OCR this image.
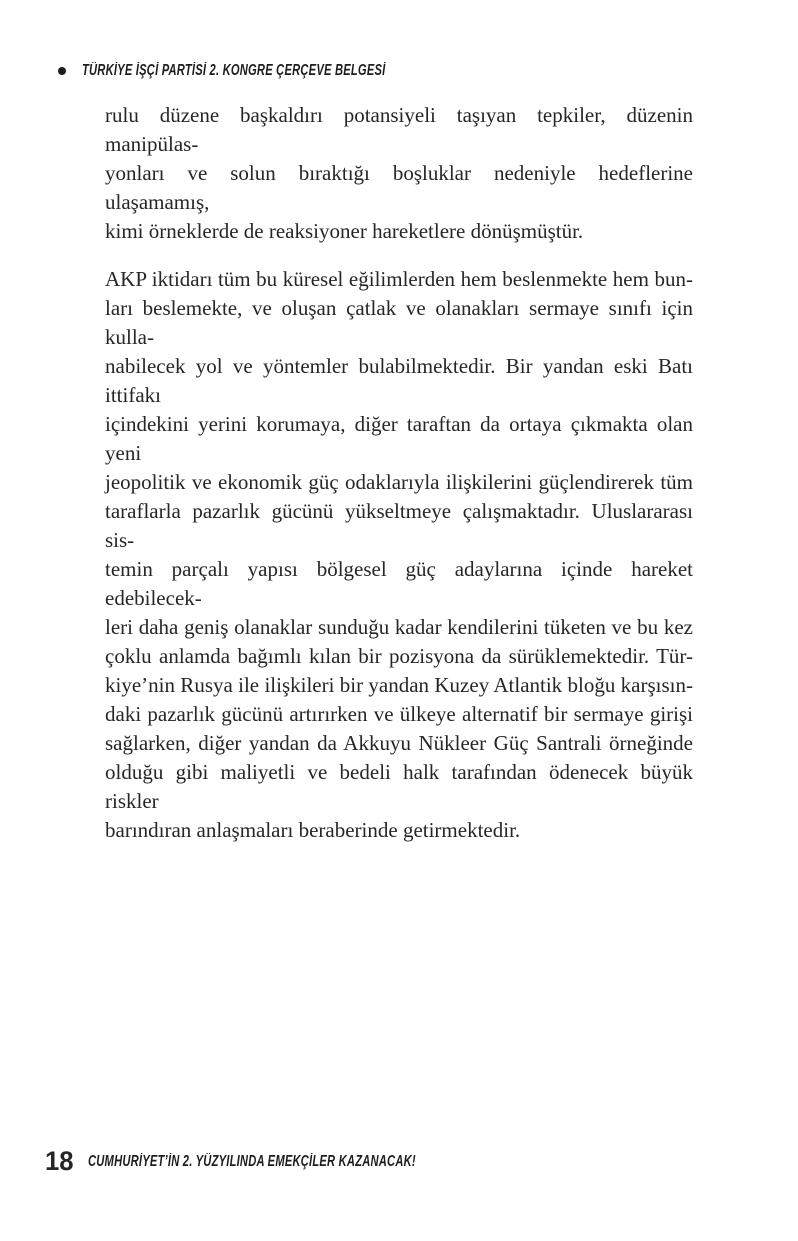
TÜRKİYE İŞÇİ PARTİSİ 2. KONGRE ÇERÇEVE BELGESİ
rulu düzene başkaldırı potansiyeli taşıyan tepkiler, düzenin manipülas-
yonları ve solun bıraktığı boşluklar nedeniyle hedeflerine ulaşamamış,
kimi örneklerde de reaksiyoner hareketlere dönüşmüştür.
AKP iktidarı tüm bu küresel eğilimlerden hem beslenmekte hem bun-
ları beslemekte, ve oluşan çatlak ve olanakları sermaye sınıfı için kulla-
nabilecek yol ve yöntemler bulabilmektedir. Bir yandan eski Batı ittifakı
içindekini yerini korumaya, diğer taraftan da ortaya çıkmakta olan yeni
jeopolitik ve ekonomik güç odaklarıyla ilişkilerini güçlendirerek tüm
taraflarla pazarlık gücünü yükseltmeye çalışmaktadır. Uluslararası sis-
temin parçalı yapısı bölgesel güç adaylarına içinde hareket edebilecek-
leri daha geniş olanaklar sunduğu kadar kendilerini tüketen ve bu kez
çoklu anlamda bağımlı kılan bir pozisyona da sürüklemektedir. Tür-
kiye’nin Rusya ile ilişkileri bir yandan Kuzey Atlantik bloğu karşısın-
daki pazarlık gücünü artırırken ve ülkeye alternatif bir sermaye girişi
sağlarken, diğer yandan da Akkuyu Nükleer Güç Santrali örneğinde
olduğu gibi maliyetli ve bedeli halk tarafından ödenecek büyük riskler
barındıran anlaşmaları beraberinde getirmektedir.
18 CUMHURİYET’İN 2. YÜZYILINDA EMEKÇİLER KAZANACAK!
